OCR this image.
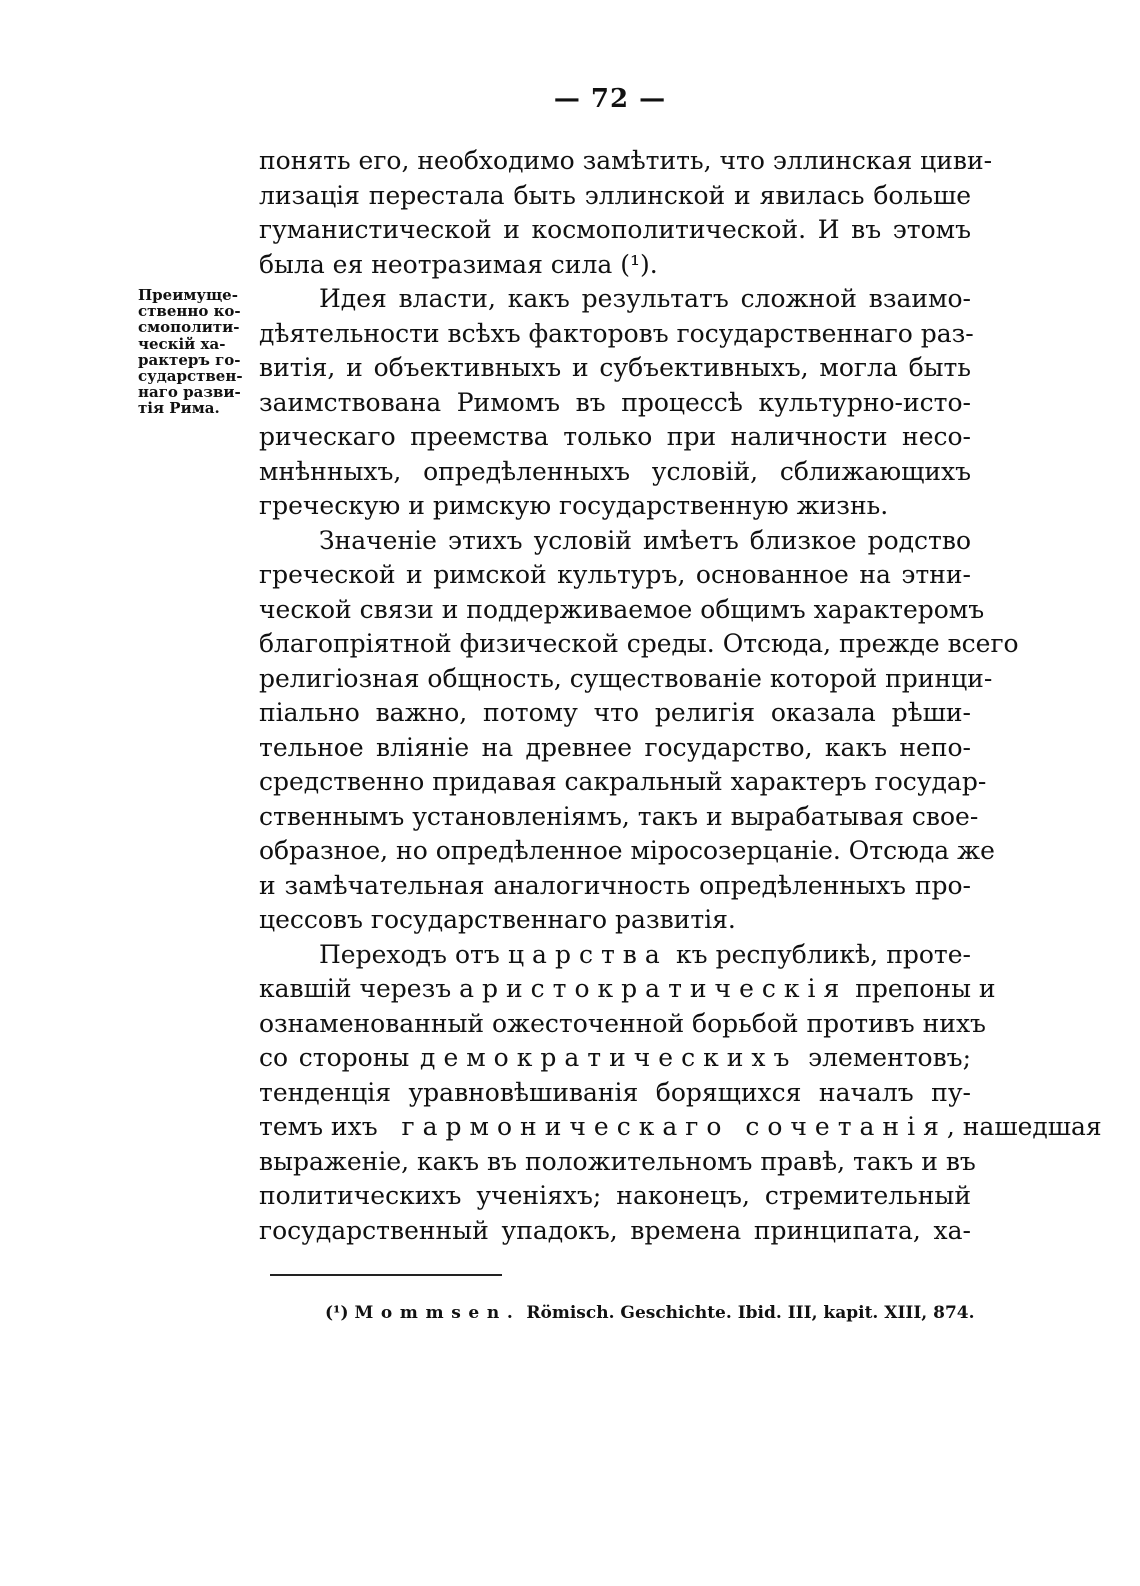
— 72 —
Преимуще-
ственно ко-
смополити-
ческій ха-
рактеръ го-
сударствен-
наго разви-
тія Рима.
понять его, необходимо замѣтить, что эллинская циви-
лизація перестала быть эллинской и явилась больше
гуманистической и космополитической. И въ этомъ
была ея неотразимая сила (¹).
Идея власти, какъ результатъ сложной взаимо-
дѣятельности всѣхъ факторовъ государственнаго раз-
витія, и объективныхъ и субъективныхъ, могла быть
заимствована Римомъ въ процессѣ культурно-исто-
рическаго преемства только при наличности несо-
мнѣнныхъ, опредѣленныхъ условій, сближающихъ
греческую и римскую государственную жизнь.
Значеніе этихъ условій имѣетъ близкое родство
греческой и римской культуръ, основанное на этни-
ческой связи и поддерживаемое общимъ характеромъ
благопріятной физической среды. Отсюда, прежде всего
религіозная общность, существованіе которой принци-
піально важно, потому что религія оказала рѣши-
тельное вліяніе на древнее государство, какъ непо-
средственно придавая сакральный характеръ государ-
ственнымъ установленіямъ, такъ и вырабатывая свое-
образное, но опредѣленное міросозерцаніе. Отсюда же
и замѣчательная аналогичность опредѣленныхъ про-
цессовъ государственнаго развитія.
Переходъ отъ царства къ республикѣ, проте-
кавшій черезъ аристократическія препоны и
ознаменованный ожесточенной борьбой противъ нихъ
со стороны демократическихъ элементовъ;
тенденція уравновѣшиванія борящихся началъ пу-
темъ ихъ гармоническаго сочетанія, нашедшая
выраженіе, какъ въ положительномъ правѣ, такъ и въ
политическихъ ученіяхъ; наконецъ, стремительный
государственный упадокъ, времена принципата, ха-
(¹) Mommsen. Römisch. Geschichte. Ibid. III, kapit. XIII, 874.
